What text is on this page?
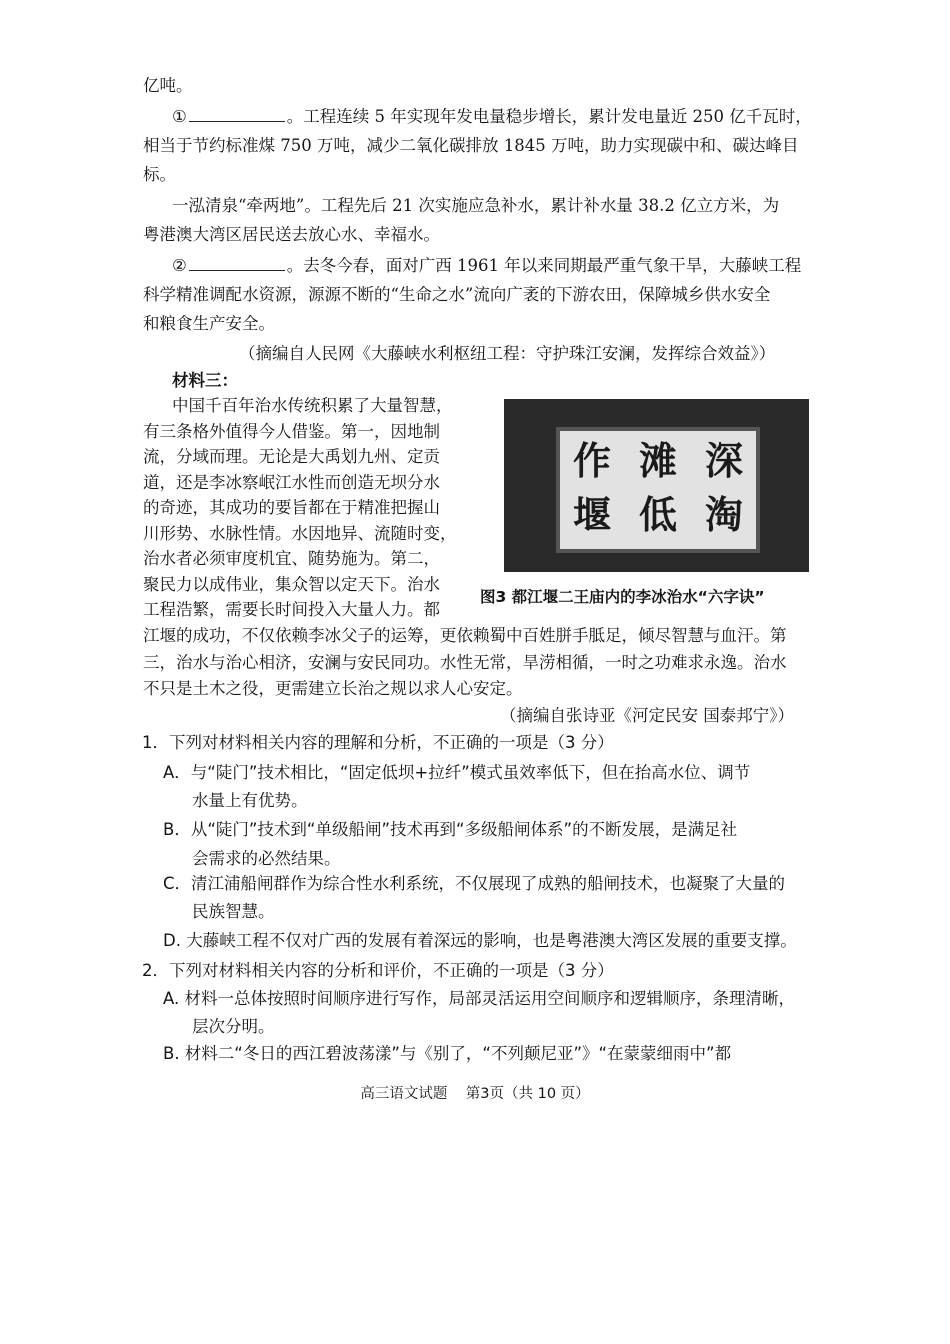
亿吨。
①	。工程连续 5 年实现年发电量稳步增长，累计发电量近 250 亿千瓦时，
相当于节约标准煤 750 万吨，减少二氧化碳排放 1845 万吨，助力实现碳中和、碳达峰目
标。
一泓清泉“牵两地”。工程先后 21 次实施应急补水，累计补水量 38.2 亿立方米，为
粤港澳大湾区居民送去放心水、幸福水。
②	。去冬今春，面对广西 1961 年以来同期最严重气象干旱，大藤峡工程
科学精准调配水资源，源源不断的“生命之水”流向广袤的下游农田，保障城乡供水安全
和粮食生产安全。
（摘编自人民网《大藤峡水利枢纽工程：守护珠江安澜，发挥综合效益》）
材料三：
中国千百年治水传统积累了大量智慧，
有三条格外值得今人借鉴。第一，因地制
流，分域而理。无论是大禹划九州、定贡
道，还是李冰察岷江水性而创造无坝分水
的奇迹，其成功的要旨都在于精准把握山
川形势、水脉性情。水因地异、流随时变，
治水者必须审度机宜、随势施为。第二，
聚民力以成伟业，集众智以定天下。治水
工程浩繁，需要长时间投入大量人力。都
深
滩
作
淘
低
堰
图3 都江堰二王庙内的李冰治水“六字诀”
江堰的成功，不仅依赖李冰父子的运筹，更依赖蜀中百姓胼手胝足，倾尽智慧与血汗。第
三，治水与治心相济，安澜与安民同功。水性无常，旱涝相循，一时之功难求永逸。治水
不只是土木之役，更需建立长治之规以求人心安定。
（摘编自张诗亚《河定民安 国泰邦宁》）
1．下列对材料相关内容的理解和分析，不正确的一项是（3 分）
A．与“陡门”技术相比，“固定低坝+拉纤”模式虽效率低下，但在抬高水位、调节
水量上有优势。
B．从“陡门”技术到“单级船闸”技术再到“多级船闸体系”的不断发展，是满足社
会需求的必然结果。
C．清江浦船闸群作为综合性水利系统，不仅展现了成熟的船闸技术，也凝聚了大量的
民族智慧。
D. 大藤峡工程不仅对广西的发展有着深远的影响，也是粤港澳大湾区发展的重要支撑。
2．下列对材料相关内容的分析和评价，不正确的一项是（3 分）
A. 材料一总体按照时间顺序进行写作，局部灵活运用空间顺序和逻辑顺序，条理清晰，
层次分明。
B. 材料二“冬日的西江碧波荡漾”与《别了，“不列颠尼亚”》“在蒙蒙细雨中”都
高三语文试题    第3页（共 10 页）
